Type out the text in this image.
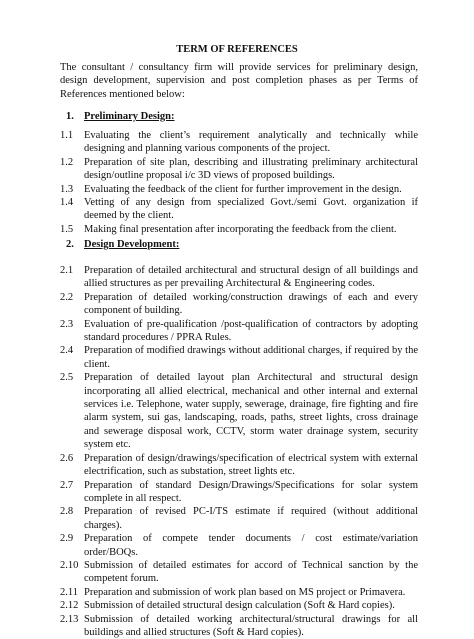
TERM OF REFERENCES
The consultant / consultancy firm will provide services for preliminary design, design development, supervision and post completion phases as per Terms of References mentioned below:
1. Preliminary Design:
1.1	Evaluating the client’s requirement analytically and technically while designing and planning various components of the project.
1.2	Preparation of site plan, describing and illustrating preliminary architectural design/outline proposal i/c 3D views of proposed buildings.
1.3	Evaluating the feedback of the client for further improvement in the design.
1.4	Vetting of any design from specialized Govt./semi Govt. organization if deemed by the client.
1.5	Making final presentation after incorporating the feedback from the client.
2. Design Development:
2.1	Preparation of detailed architectural and structural design of all buildings and allied structures as per prevailing Architectural & Engineering codes.
2.2	Preparation of detailed working/construction drawings of each and every component of building.
2.3	Evaluation of pre-qualification /post-qualification of contractors by adopting standard procedures / PPRA Rules.
2.4	Preparation of modified drawings without additional charges, if required by the client.
2.5	Preparation of detailed layout plan Architectural and structural design incorporating all allied electrical, mechanical and other internal and external services i.e. Telephone, water supply, sewerage, drainage, fire fighting and fire alarm system, sui gas, landscaping, roads, paths, street lights, cross drainage and sewerage disposal work, CCTV, storm water drainage system, security system etc.
2.6	Preparation of design/drawings/specification of electrical system with external electrification, such as substation, street lights etc.
2.7	Preparation of standard Design/Drawings/Specifications for solar system complete in all respect.
2.8	Preparation of revised PC-I/TS estimate if required (without additional charges).
2.9	Preparation of compete tender documents / cost estimate/variation order/BOQs.
2.10 Submission of detailed estimates for accord of Technical sanction by the competent forum.
2.11 Preparation and submission of work plan based on MS project or Primavera.
2.12 Submission of detailed structural design calculation (Soft & Hard copies).
2.13 Submission of detailed working architectural/structural drawings for all buildings and allied structures (Soft & Hard copies).
